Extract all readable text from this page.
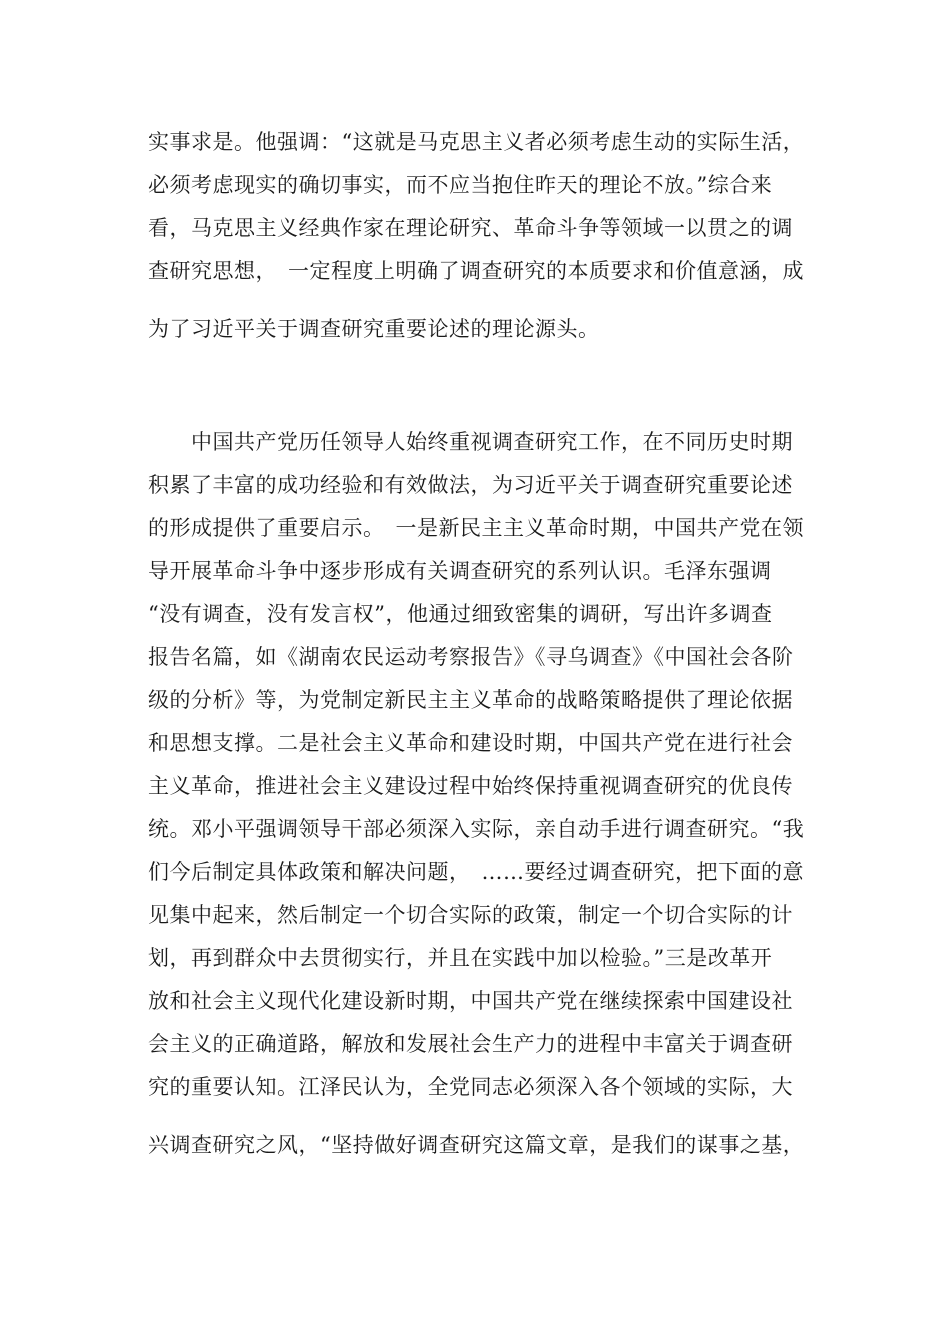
实事求是。他强调：“这就是马克思主义者必须考虑生动的实际生活，

必须考虑现实的确切事实，而不应当抱住昨天的理论不放。”综合来

看，马克思主义经典作家在理论研究、革命斗争等领域一以贯之的调

查研究思想，　一定程度上明确了调查研究的本质要求和价值意涵，成

为了习近平关于调查研究重要论述的理论源头。

　　中国共产党历任领导人始终重视调查研究工作，在不同历史时期

积累了丰富的成功经验和有效做法，为习近平关于调查研究重要论述

的形成提供了重要启示。　一是新民主主义革命时期，中国共产党在领

导开展革命斗争中逐步形成有关调查研究的系列认识。毛泽东强调

“没有调查，没有发言权”，他通过细致密集的调研，写出许多调查

报告名篇，如《湖南农民运动考察报告》《寻乌调查》《中国社会各阶

级的分析》等，为党制定新民主主义革命的战略策略提供了理论依据

和思想支撑。二是社会主义革命和建设时期，中国共产党在进行社会

主义革命，推进社会主义建设过程中始终保持重视调查研究的优良传

统。邓小平强调领导干部必须深入实际，亲自动手进行调查研究。“我

们今后制定具体政策和解决问题，　……要经过调查研究，把下面的意

见集中起来，然后制定一个切合实际的政策，制定一个切合实际的计

划，再到群众中去贯彻实行，并且在实践中加以检验。”三是改革开

放和社会主义现代化建设新时期，中国共产党在继续探索中国建设社

会主义的正确道路，解放和发展社会生产力的进程中丰富关于调查研

究的重要认知。江泽民认为，全党同志必须深入各个领域的实际，大

兴调查研究之风，“坚持做好调查研究这篇文章，是我们的谋事之基，
